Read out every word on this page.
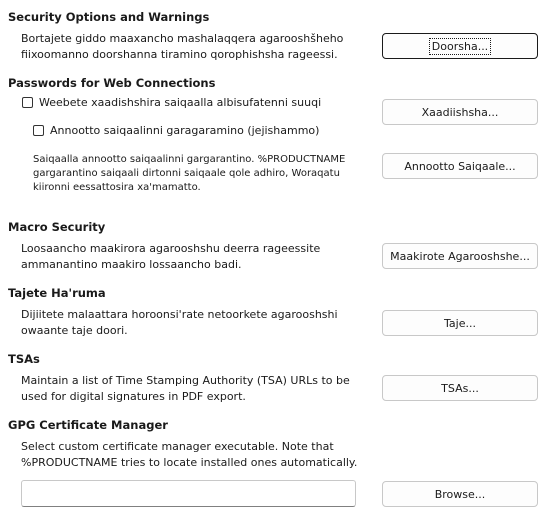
Security Options and Warnings
Bortajete giddo maaxancho mashalaqqera agarooshšheho
fiixoomanno doorshanna tiramino qorophishsha rageessi.
Doorsha...
Passwords for Web Connections
Weebete xaadishshira saiqaalla albisufatenni suuqi
Xaadiishsha...
Annootto saiqaalinni garagaramino (jejishammo)
Saiqaalla annootto saiqaalinni gargarantino. %PRODUCTNAME
gargarantino saiqaali dirtonni saiqaale qole adhiro, Woraqatu
kiironni eessattosira xa'mamatto.
Annootto Saiqaale...
Macro Security
Loosaancho maakirora agarooshshu deerra rageessite
ammanantino maakiro lossaancho badi.
Maakirote Agarooshshe...
Tajete Ha'ruma
Dijiitete malaattara horoonsi'rate netoorkete agarooshshi
owaante taje doori.
Taje...
TSAs
Maintain a list of Time Stamping Authority (TSA) URLs to be
used for digital signatures in PDF export.
TSAs...
GPG Certificate Manager
Select custom certificate manager executable. Note that
%PRODUCTNAME tries to locate installed ones automatically.
Browse...
